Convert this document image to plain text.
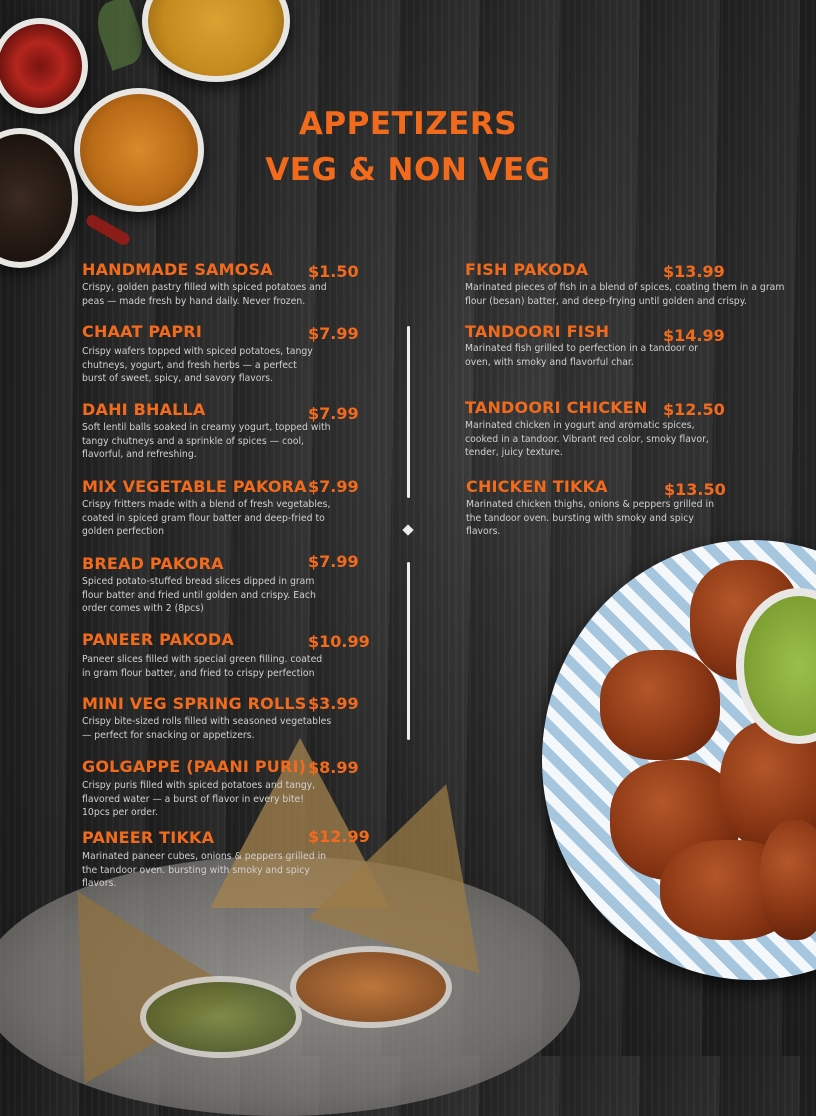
APPETIZERS
VEG & NON VEG
HANDMADE SAMOSA $1.50
Crispy, golden pastry filled with spiced potatoes and peas — made fresh by hand daily. Never frozen.
CHAAT PAPRI	$7.99
Crispy wafers topped with spiced potatoes, tangy chutneys, yogurt, and fresh herbs — a perfect burst of sweet, spicy, and savory flavors.
DAHI BHALLA	$7.99
Soft lentil balls soaked in creamy yogurt, topped with tangy chutneys and a sprinkle of spices — cool, flavorful, and refreshing.
MIX VEGETABLE PAKORA $7.99
Crispy fritters made with a blend of fresh vegetables, coated in spiced gram flour batter and deep-fried to golden perfection
BREAD PAKORA	$7.99
Spiced potato-stuffed bread slices dipped in gram flour batter and fried until golden and crispy. Each order comes with 2 (8pcs)
PANEER PAKODA	$10.99
Paneer slices filled with special green filling. coated in gram flour batter, and fried to crispy perfection
MINI VEG SPRING ROLLS $3.99
Crispy bite-sized rolls filled with seasoned vegetables — perfect for snacking or appetizers.
GOLGAPPE (PAANI PURI) $8.99
Crispy puris filled with spiced potatoes and tangy, flavored water — a burst of flavor in every bite! 10pcs per order.
PANEER TIKKA	$12.99
Marinated paneer cubes, onions & peppers grilled in the tandoor oven. bursting with smoky and spicy flavors.
FISH PAKODA	$13.99
Marinated pieces of fish in a blend of spices, coating them in a gram flour (besan) batter, and deep-frying until golden and crispy.
TANDOORI FISH	$14.99
Marinated fish grilled to perfection in a tandoor or oven, with smoky and flavorful char.
TANDOORI CHICKEN $12.50
Marinated chicken in yogurt and aromatic spices, cooked in a tandoor. Vibrant red color, smoky flavor, tender, juicy texture.
CHICKEN TIKKA	$13.50
Marinated chicken thighs, onions & peppers grilled in the tandoor oven. bursting with smoky and spicy flavors.
